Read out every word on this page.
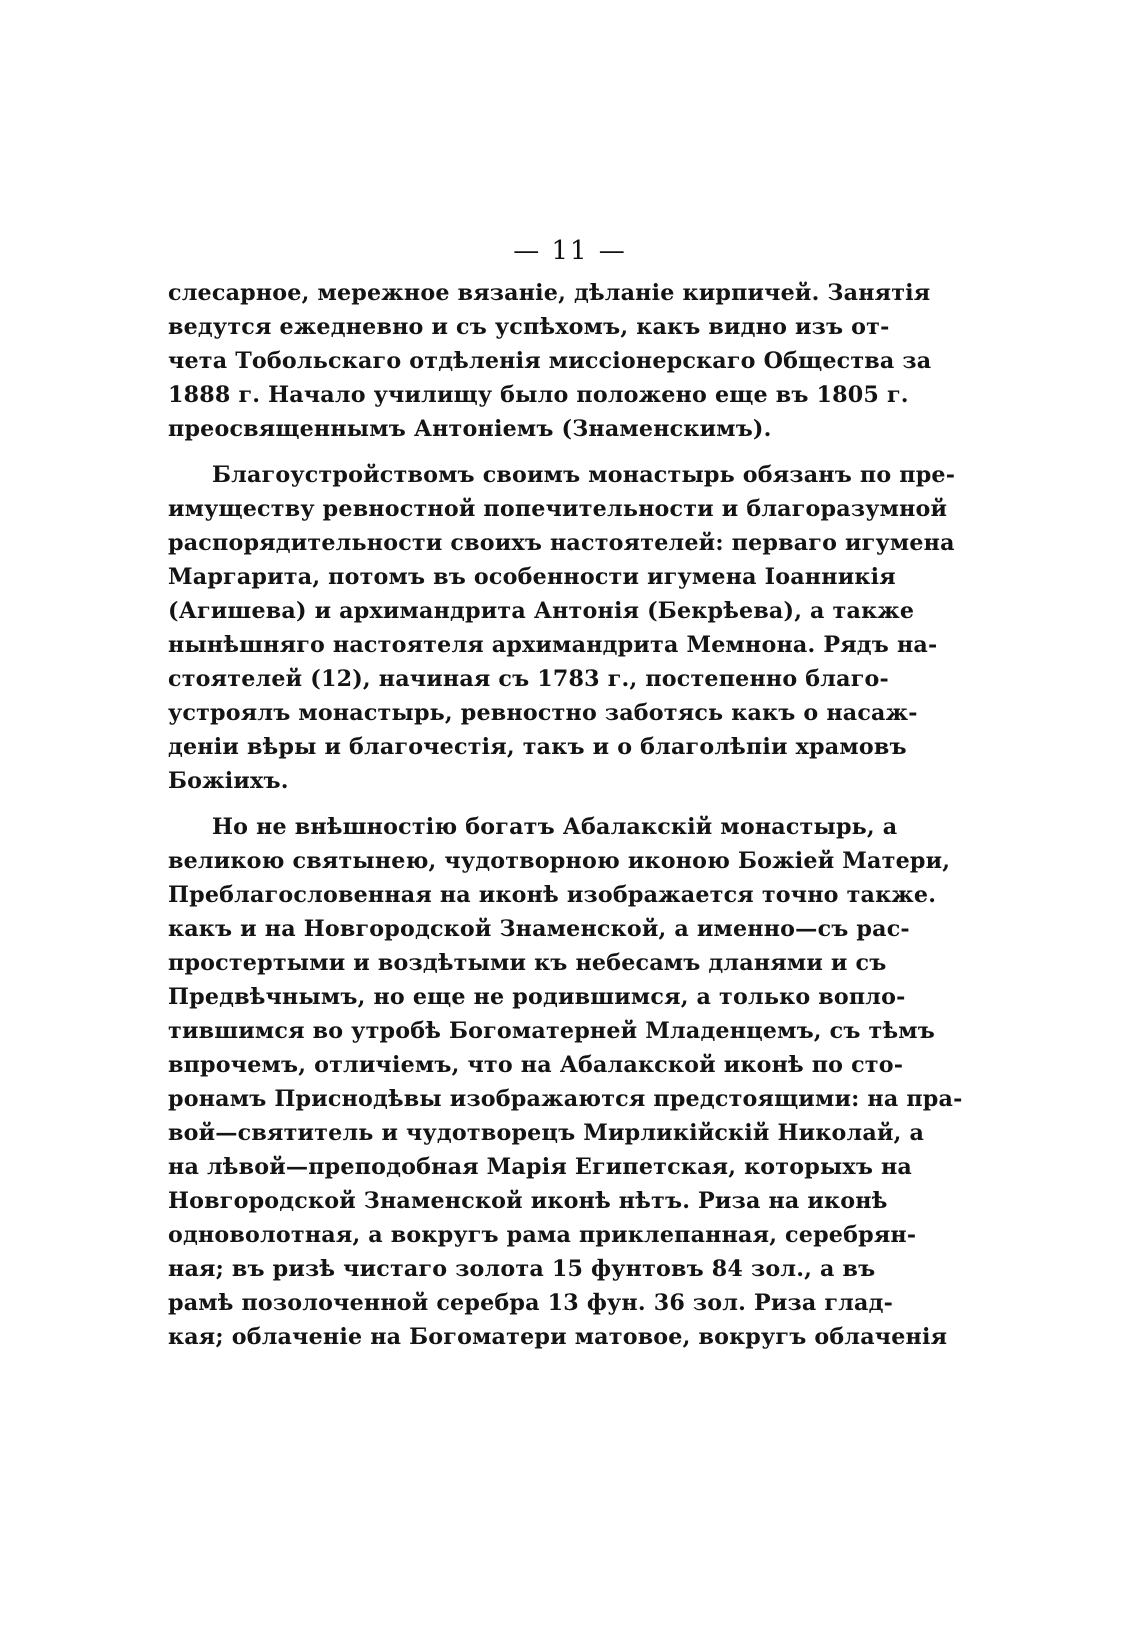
— 11 —
слесарное, мережное вязаніе, дѣланіе кирпичей. Занятія
ведутся ежедневно и съ успѣхомъ, какъ видно изъ от-
чета Тобольскаго отдѣленія миссіонерскаго Общества за
1888 г. Начало училищу было положено еще въ 1805 г.
преосвященнымъ Антоніемъ (Знаменскимъ).
Благоустройствомъ своимъ монастырь обязанъ по пре-
имуществу ревностной попечительности и благоразумной
распорядительности своихъ настоятелей: перваго игумена
Маргарита, потомъ въ особенности игумена Іоанникія
(Агишева) и архимандрита Антонія (Бекрѣева), а также
нынѣшняго настоятеля архимандрита Мемнона. Рядъ на-
стоятелей (12), начиная съ 1783 г., постепенно благо-
устроялъ монастырь, ревностно заботясь какъ о насаж-
деніи вѣры и благочестія, такъ и о благолѣпіи храмовъ
Божіихъ.
Но не внѣшностію богатъ Абалакскій монастырь, а
великою святынею, чудотворною иконою Божіей Матери,
Преблагословенная на иконѣ изображается точно также.
какъ и на Новгородской Знаменской, а именно—съ рас-
простертыми и воздѣтыми къ небесамъ дланями и съ
Предвѣчнымъ, но еще не родившимся, а только вопло-
тившимся во утробѣ Богоматерней Младенцемъ, съ тѣмъ
впрочемъ, отличіемъ, что на Абалакской иконѣ по сто-
ронамъ Приснодѣвы изображаются предстоящими: на пра-
вой—святитель и чудотворецъ Мирликійскій Николай, а
на лѣвой—преподобная Марія Египетская, которыхъ на
Новгородской Знаменской иконѣ нѣтъ. Риза на иконѣ
одноволотная, а вокругъ рама приклепанная, серебрян-
ная; въ ризѣ чистаго золота 15 фунтовъ 84 зол., а въ
рамѣ позолоченной серебра 13 фун. 36 зол. Риза глад-
кая; облаченіе на Богоматери матовое, вокругъ облаченія
